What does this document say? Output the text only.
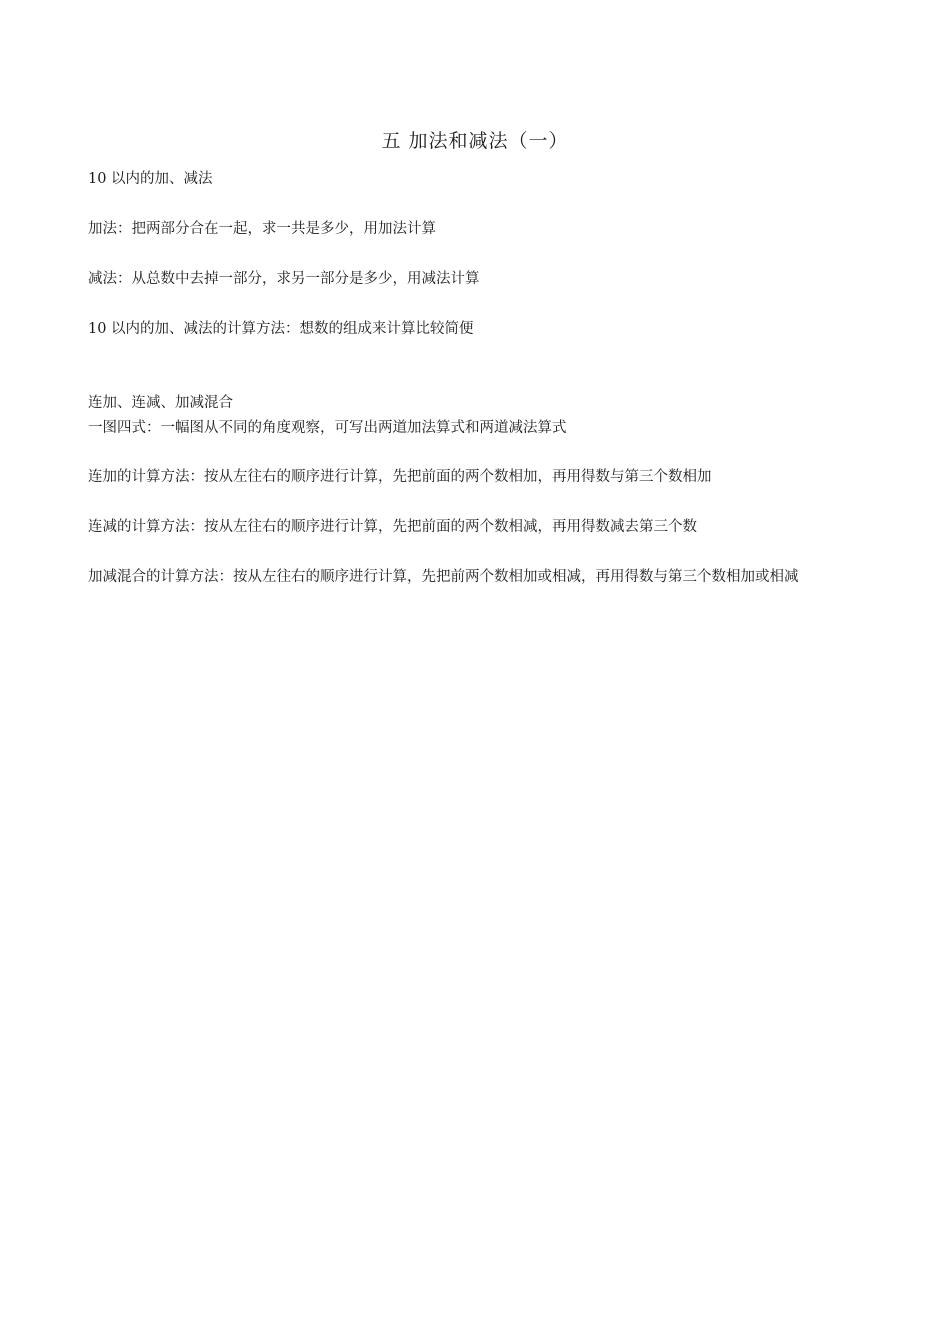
五 加法和减法（一）
10 以内的加、减法
加法：把两部分合在一起，求一共是多少，用加法计算
减法：从总数中去掉一部分，求另一部分是多少，用减法计算
10 以内的加、减法的计算方法：想数的组成来计算比较简便
连加、连减、加减混合
一图四式：一幅图从不同的角度观察，可写出两道加法算式和两道减法算式
连加的计算方法：按从左往右的顺序进行计算，先把前面的两个数相加，再用得数与第三个数相加
连减的计算方法：按从左往右的顺序进行计算，先把前面的两个数相减，再用得数减去第三个数
加减混合的计算方法：按从左往右的顺序进行计算，先把前两个数相加或相减，再用得数与第三个数相加或相减
